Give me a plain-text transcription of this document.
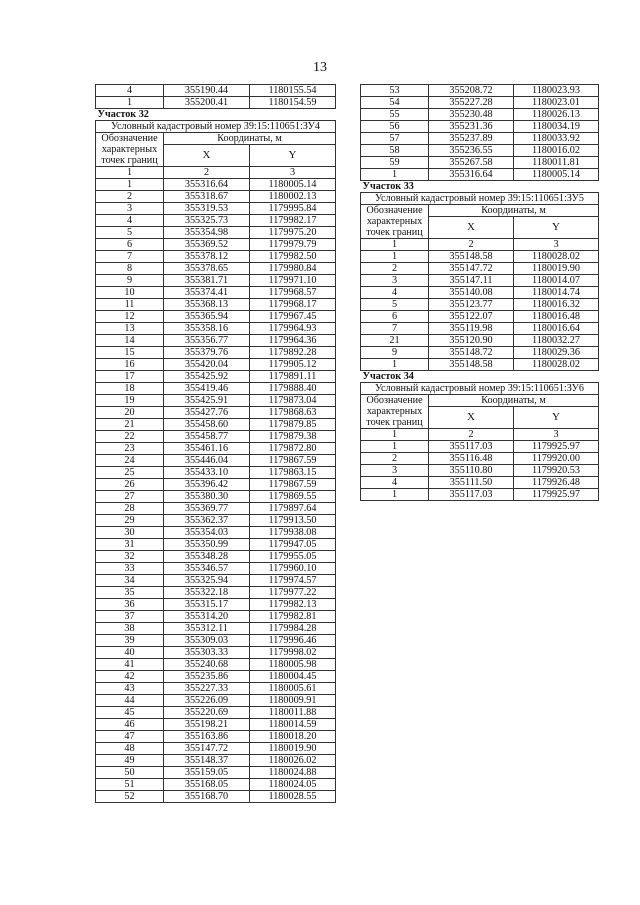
13
4	355190.44	1180155.54
1	355200.41	1180154.59
Участок 32		
Условный кадастровый номер 39:15:110651:ЗУ4		
Обозначение
характерных
точек границ	Координаты, м	
	X	Y

1	2	3
1	355316.64	1180005.14
2	355318.67	1180002.13
3	355319.53	1179995.84
4	355325.73	1179982.17
5	355354.98	1179975.20
6	355369.52	1179979.79
7	355378.12	1179982.50
8	355378.65	1179980.84
9	355381.71	1179971.10
10	355374.41	1179968.57
11	355368.13	1179968.17
12	355365.94	1179967.45
13	355358.16	1179964.93
14	355356.77	1179964.36
15	355379.76	1179892.28
16	355420.04	1179905.12
17	355425.92	1179891.11
18	355419.46	1179888.40
19	355425.91	1179873.04
20	355427.76	1179868.63
21	355458.60	1179879.85
22	355458.77	1179879.38
23	355461.16	1179872.80
24	355446.04	1179867.59
25	355433.10	1179863.15
26	355396.42	1179867.59
27	355380.30	1179869.55
28	355369.77	1179897.64
29	355362.37	1179913.50
30	355354.03	1179938.08
31	355350.99	1179947.05
32	355348.28	1179955.05
33	355346.57	1179960.10
34	355325.94	1179974.57
35	355322.18	1179977.22
36	355315.17	1179982.13
37	355314.20	1179982.81
38	355312.11	1179984.28
39	355309.03	1179996.46
40	355303.33	1179998.02
41	355240.68	1180005.98
42	355235.86	1180004.45
43	355227.33	1180005.61
44	355226.09	1180009.91
45	355220.69	1180011.88
46	355198.21	1180014.59
47	355163.86	1180018.20
48	355147.72	1180019.90
49	355148.37	1180026.02
50	355159.05	1180024.88
51	355168.05	1180024.05
52	355168.70	1180028.55
53	355208.72	1180023.93
54	355227.28	1180023.01
55	355230.48	1180026.13
56	355231.36	1180034.19
57	355237.89	1180033.92
58	355236.55	1180016.02
59	355267.58	1180011.81
1	355316.64	1180005.14
Участок 33		
Условный кадастровый номер 39:15:110651:ЗУ5		
Обозначение
характерных
точек границ	Координаты, м	
	X	Y

1	2	3
1	355148.58	1180028.02
2	355147.72	1180019.90
3	355147.11	1180014.07
4	355140.08	1180014.74
5	355123.77	1180016.32
6	355122.07	1180016.48
7	355119.98	1180016.64
21	355120.90	1180032.27
9	355148.72	1180029.36
1	355148.58	1180028.02
Участок 34		
Условный кадастровый номер 39:15:110651:ЗУ6		
Обозначение
характерных
точек границ	Координаты, м	
	X	Y

1	2	3
1	355117.03	1179925.97
2	355116.48	1179920.00
3	355110.80	1179920.53
4	355111.50	1179926.48
1	355117.03	1179925.97
